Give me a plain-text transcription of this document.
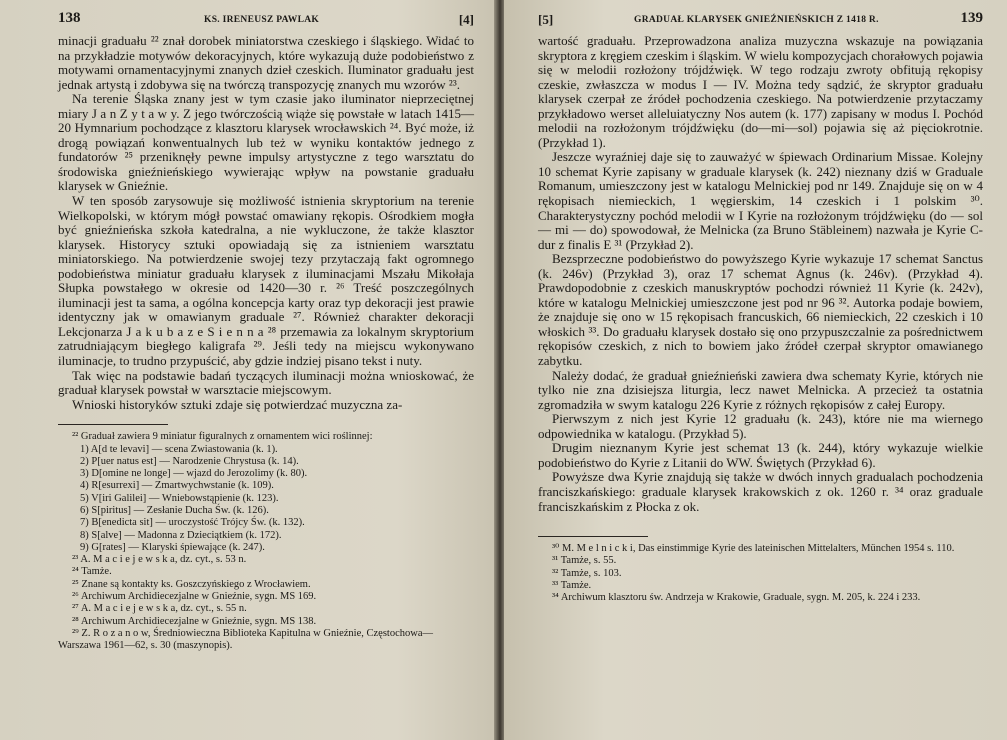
138	KS. IRENEUSZ PAWLAK	[4]

minacji graduału ²² znał dorobek miniatorstwa czeskiego i śląskiego. Widać to na przykładzie motywów dekoracyjnych, które wykazują duże podobieństwo z motywami ornamentacyjnymi znanych dzieł czeskich. Iluminator graduału jest jednak artystą i zdobywa się na twórczą transpozycję znanych mu wzorów ²³.

Na terenie Śląska znany jest w tym czasie jako iluminator nieprzeciętnej miary J a n Z y t a w y. Z jego twórczością wiąże się powstałe w latach 1415—20 Hymnarium pochodzące z klasztoru klarysek wrocławskich ²⁴. Być może, iż drogą powiązań konwentualnych lub też w wyniku kontaktów jednego z fundatorów ²⁵ przeniknęły pewne impulsy artystyczne z tego warsztatu do środowiska gnieźnieńskiego wywierając wpływ na powstanie graduału klarysek w Gnieźnie.

W ten sposób zarysowuje się możliwość istnienia skryptorium na terenie Wielkopolski, w którym mógł powstać omawiany rękopis. Ośrodkiem mogła być gnieźnieńska szkoła katedralna, a nie wykluczone, że także klasztor klarysek. Historycy sztuki opowiadają się za istnieniem warsztatu miniatorskiego. Na potwierdzenie swojej tezy przytaczają fakt ogromnego podobieństwa miniatur graduału klarysek z iluminacjami Mszału Mikołaja Słupka powstałego w okresie od 1420—30 r. ²⁶ Treść poszczególnych iluminacji jest ta sama, a ogólna koncepcja karty oraz typ dekoracji jest prawie identyczny jak w omawianym graduale ²⁷. Również charakter dekoracji Lekcjonarza J a k u b a z e S i e n n a ²⁸ przemawia za lokalnym skryptorium zatrudniającym biegłego kaligrafa ²⁹. Jeśli tedy na miejscu wykonywano iluminacje, to trudno przypuścić, aby gdzie indziej pisano tekst i nuty.

Tak więc na podstawie badań tyczących iluminacji można wnioskować, że graduał klarysek powstał w warsztacie miejscowym.

Wnioski historyków sztuki zdaje się potwierdzać muzyczna za-

²² Graduał zawiera 9 miniatur figuralnych z ornamentem wici roślinnej:

1) A[d te levavi] — scena Zwiastowania (k. 1).

2) P[uer natus est] — Narodzenie Chrystusa (k. 14).

3) D[omine ne longe] — wjazd do Jerozolimy (k. 80).

4) R[esurrexi] — Zmartwychwstanie (k. 109).

5) V[iri Galilei] — Wniebowstąpienie (k. 123).

6) S[piritus] — Zesłanie Ducha Św. (k. 126).

7) B[enedicta sit] — uroczystość Trójcy Św. (k. 132).

8) S[alve] — Madonna z Dzieciątkiem (k. 172).

9) G[rates] — Klaryski śpiewające (k. 247).

²³ A. M a c i e j e w s k a, dz. cyt., s. 53 n.

²⁴ Tamże.

²⁵ Znane są kontakty ks. Goszczyńskiego z Wrocławiem.

²⁶ Archiwum Archidiecezjalne w Gnieźnie, sygn. MS 169.

²⁷ A. M a c i e j e w s k a, dz. cyt., s. 55 n.

²⁸ Archiwum Archidiecezjalne w Gnieźnie, sygn. MS 138.

²⁹ Z. R o z a n o w, Średniowieczna Biblioteka Kapitulna w Gnieźnie, Częstochowa—Warszawa 1961—62, s. 30 (maszynopis).

[5]	GRADUAŁ KLARYSEK GNIEŹNIEŃSKICH Z 1418 R.	139

wartość graduału. Przeprowadzona analiza muzyczna wskazuje na powiązania skryptora z kręgiem czeskim i śląskim. W wielu kompozycjach chorałowych pojawia się w melodii rozłożony trójdźwięk. W tego rodzaju zwroty obfitują rękopisy czeskie, zwłaszcza w modus I — IV. Można tedy sądzić, że skryptor graduału klarysek czerpał ze źródeł pochodzenia czeskiego. Na potwierdzenie przytaczamy przykładowo werset alleluiatyczny Nos autem (k. 177) zapisany w modus I. Pochód melodii na rozłożonym trójdźwięku (do—mi—sol) pojawia się aż pięciokrotnie. (Przykład 1).

Jeszcze wyraźniej daje się to zauważyć w śpiewach Ordinarium Missae. Kolejny 10 schemat Kyrie zapisany w graduale klarysek (k. 242) nieznany dziś w Graduale Romanum, umieszczony jest w katalogu Melnickiej pod nr 149. Znajduje się on w 4 rękopisach niemieckich, 1 węgierskim, 14 czeskich i 1 polskim ³⁰. Charakterystyczny pochód melodii w I Kyrie na rozłożonym trójdźwięku (do — sol — mi — do) spowodował, że Melnicka (za Bruno Stäbleinem) nazwała je Kyrie C-dur z finalis E ³¹ (Przykład 2).

Bezsprzeczne podobieństwo do powyższego Kyrie wykazuje 17 schemat Sanctus (k. 246v) (Przykład 3), oraz 17 schemat Agnus (k. 246v). (Przykład 4). Prawdopodobnie z czeskich manuskryptów pochodzi również 11 Kyrie (k. 242v), które w katalogu Melnickiej umieszczone jest pod nr 96 ³². Autorka podaje bowiem, że znajduje się ono w 15 rękopisach francuskich, 66 niemieckich, 22 czeskich i 10 włoskich ³³. Do graduału klarysek dostało się ono przypuszczalnie za pośrednictwem rękopisów czeskich, z nich to bowiem jako źródeł czerpał skryptor omawianego zabytku.

Należy dodać, że graduał gnieźnieński zawiera dwa schematy Kyrie, których nie tylko nie zna dzisiejsza liturgia, lecz nawet Melnicka. A przecież ta ostatnia zgromadziła w swym katalogu 226 Kyrie z różnych rękopisów z całej Europy.

Pierwszym z nich jest Kyrie 12 graduału (k. 243), które nie ma wiernego odpowiednika w katalogu. (Przykład 5).

Drugim nieznanym Kyrie jest schemat 13 (k. 244), który wykazuje wielkie podobieństwo do Kyrie z Litanii do WW. Świętych (Przykład 6).

Powyższe dwa Kyrie znajdują się także w dwóch innych gradualach pochodzenia franciszkańskiego: graduale klarysek krakowskich z ok. 1260 r. ³⁴ oraz graduale franciszkańskim z Płocka z ok.

³⁰ M. M e l n i c k i, Das einstimmige Kyrie des lateinischen Mittelalters, München 1954 s. 110.

³¹ Tamże, s. 55.

³² Tamże, s. 103.

³³ Tamże.

³⁴ Archiwum klasztoru św. Andrzeja w Krakowie, Graduale, sygn. M. 205, k. 224 i 233.
